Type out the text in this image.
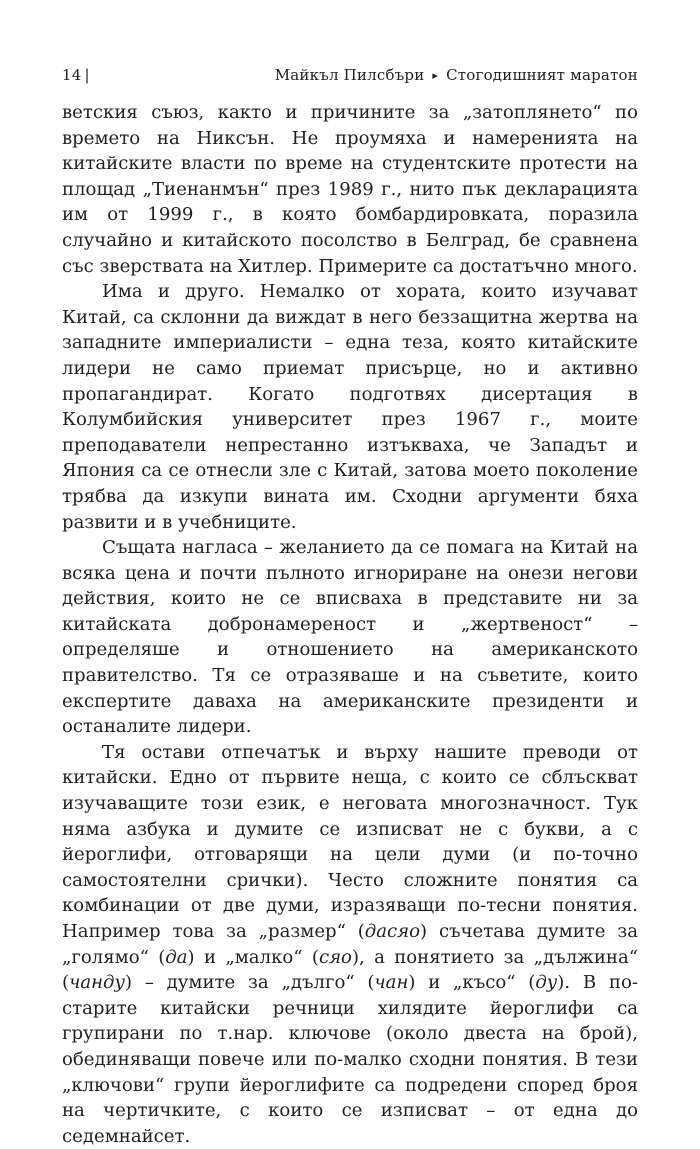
14 |	Майкъл Пилсбъри ▸ Стогодишният маратон

ветския съюз, както и причините за „затоплянето“ по времето на Никсън. Не проумяха и намеренията на китайските власти по време на студентските протести на площад „Тиенанмън“ през 1989 г., нито пък декларацията им от 1999 г., в която бомбардировката, поразила случайно и китайското посолство в Белград, бе сравнена със зверствата на Хитлер. Примерите са достатъчно много.

Има и друго. Немалко от хората, които изучават Китай, са склонни да виждат в него беззащитна жертва на западните империалисти – една теза, която китайските лидери не само приемат присърце, но и активно пропагандират. Когато подготвях дисертация в Колумбийския университет през 1967 г., моите преподаватели непрестанно изтъкваха, че Западът и Япония са се отнесли зле с Китай, затова моето поколение трябва да изкупи вината им. Сходни аргументи бяха развити и в учебниците.

Същата нагласа – желанието да се помага на Китай на всяка цена и почти пълното игнориране на онези негови действия, които не се вписваха в представите ни за китайската добронамереност и „жертвеност“ – определяше и отношението на американското правителство. Тя се отразяваше и на съветите, които експертите даваха на американските президенти и останалите лидери.

Тя остави отпечатък и върху нашите преводи от китайски. Едно от първите неща, с които се сблъскват изучаващите този език, е неговата многозначност. Тук няма азбука и думите се изписват не с букви, а с йероглифи, отговарящи на цели думи (и по-точно самостоятелни срички). Често сложните понятия са комбинации от две думи, изразяващи по-тесни понятия. Например това за „размер“ (дасяо) съчетава думите за „голямо“ (да) и „малко“ (сяо), а понятието за „дължина“ (чанду) – думите за „дълго“ (чан) и „късо“ (ду). В по-старите китайски речници хилядите йероглифи са групирани по т.нар. ключове (около двеста на брой), обединяващи повече или по-малко сходни понятия. В тези „ключови“ групи йероглифите са подредени според броя на чертичките, с които се изписват – от една до седемнайсет.
